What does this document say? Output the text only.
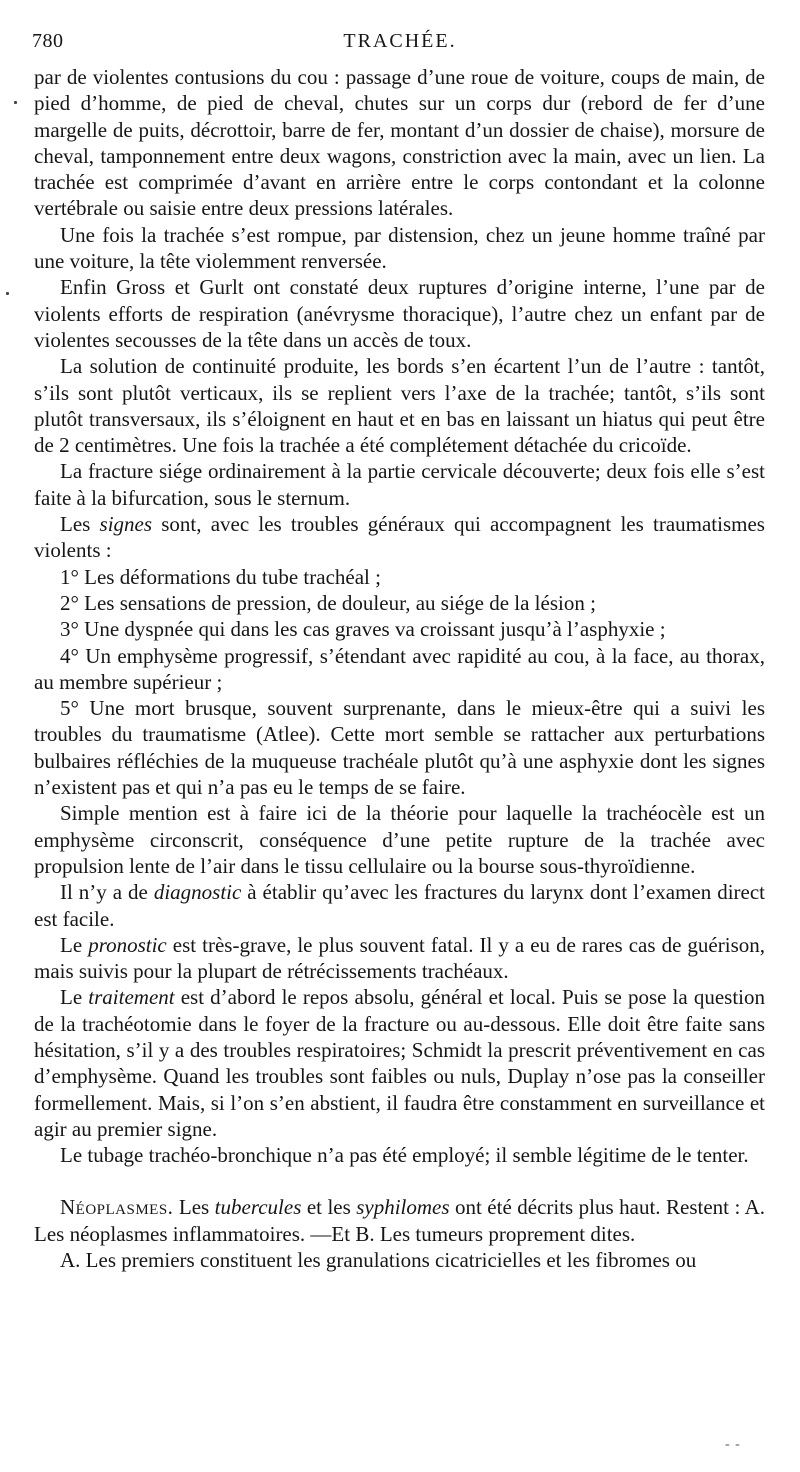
780	TRACHÉE.

par de violentes contusions du cou : passage d’une roue de voiture, coups de main, de pied d’homme, de pied de cheval, chutes sur un corps dur (rebord de fer d’une margelle de puits, décrottoir, barre de fer, montant d’un dossier de chaise), morsure de cheval, tamponnement entre deux wagons, constriction avec la main, avec un lien. La trachée est comprimée d’avant en arrière entre le corps contondant et la colonne vertébrale ou saisie entre deux pressions latérales.

Une fois la trachée s’est rompue, par distension, chez un jeune homme traîné par une voiture, la tête violemment renversée.

Enfin Gross et Gurlt ont constaté deux ruptures d’origine interne, l’une par de violents efforts de respiration (anévrysme thoracique), l’autre chez un enfant par de violentes secousses de la tête dans un accès de toux.

La solution de continuité produite, les bords s’en écartent l’un de l’autre : tantôt, s’ils sont plutôt verticaux, ils se replient vers l’axe de la trachée; tantôt, s’ils sont plutôt transversaux, ils s’éloignent en haut et en bas en laissant un hiatus qui peut être de 2 centimètres. Une fois la trachée a été complétement détachée du cricoïde.

La fracture siége ordinairement à la partie cervicale découverte; deux fois elle s’est faite à la bifurcation, sous le sternum.

Les signes sont, avec les troubles généraux qui accompagnent les traumatismes violents :

1° Les déformations du tube trachéal ;

2° Les sensations de pression, de douleur, au siége de la lésion ;

3° Une dyspnée qui dans les cas graves va croissant jusqu’à l’asphyxie ;

4° Un emphysème progressif, s’étendant avec rapidité au cou, à la face, au thorax, au membre supérieur ;

5° Une mort brusque, souvent surprenante, dans le mieux-être qui a suivi les troubles du traumatisme (Atlee). Cette mort semble se rattacher aux perturbations bulbaires réfléchies de la muqueuse trachéale plutôt qu’à une asphyxie dont les signes n’existent pas et qui n’a pas eu le temps de se faire.

Simple mention est à faire ici de la théorie pour laquelle la trachéocèle est un emphysème circonscrit, conséquence d’une petite rupture de la trachée avec propulsion lente de l’air dans le tissu cellulaire ou la bourse sous-thyroïdienne.

Il n’y a de diagnostic à établir qu’avec les fractures du larynx dont l’examen direct est facile.

Le pronostic est très-grave, le plus souvent fatal. Il y a eu de rares cas de guérison, mais suivis pour la plupart de rétrécissements trachéaux.

Le traitement est d’abord le repos absolu, général et local. Puis se pose la question de la trachéotomie dans le foyer de la fracture ou au-dessous. Elle doit être faite sans hésitation, s’il y a des troubles respiratoires; Schmidt la prescrit préventivement en cas d’emphysème. Quand les troubles sont faibles ou nuls, Duplay n’ose pas la conseiller formellement. Mais, si l’on s’en abstient, il faudra être constamment en surveillance et agir au premier signe.

Le tubage trachéo-bronchique n’a pas été employé; il semble légitime de le tenter.

Néoplasmes. Les tubercules et les syphilomes ont été décrits plus haut. Restent : A. Les néoplasmes inflammatoires. —Et B. Les tumeurs proprement dites.

A. Les premiers constituent les granulations cicatricielles et les fibromes ou

- -
